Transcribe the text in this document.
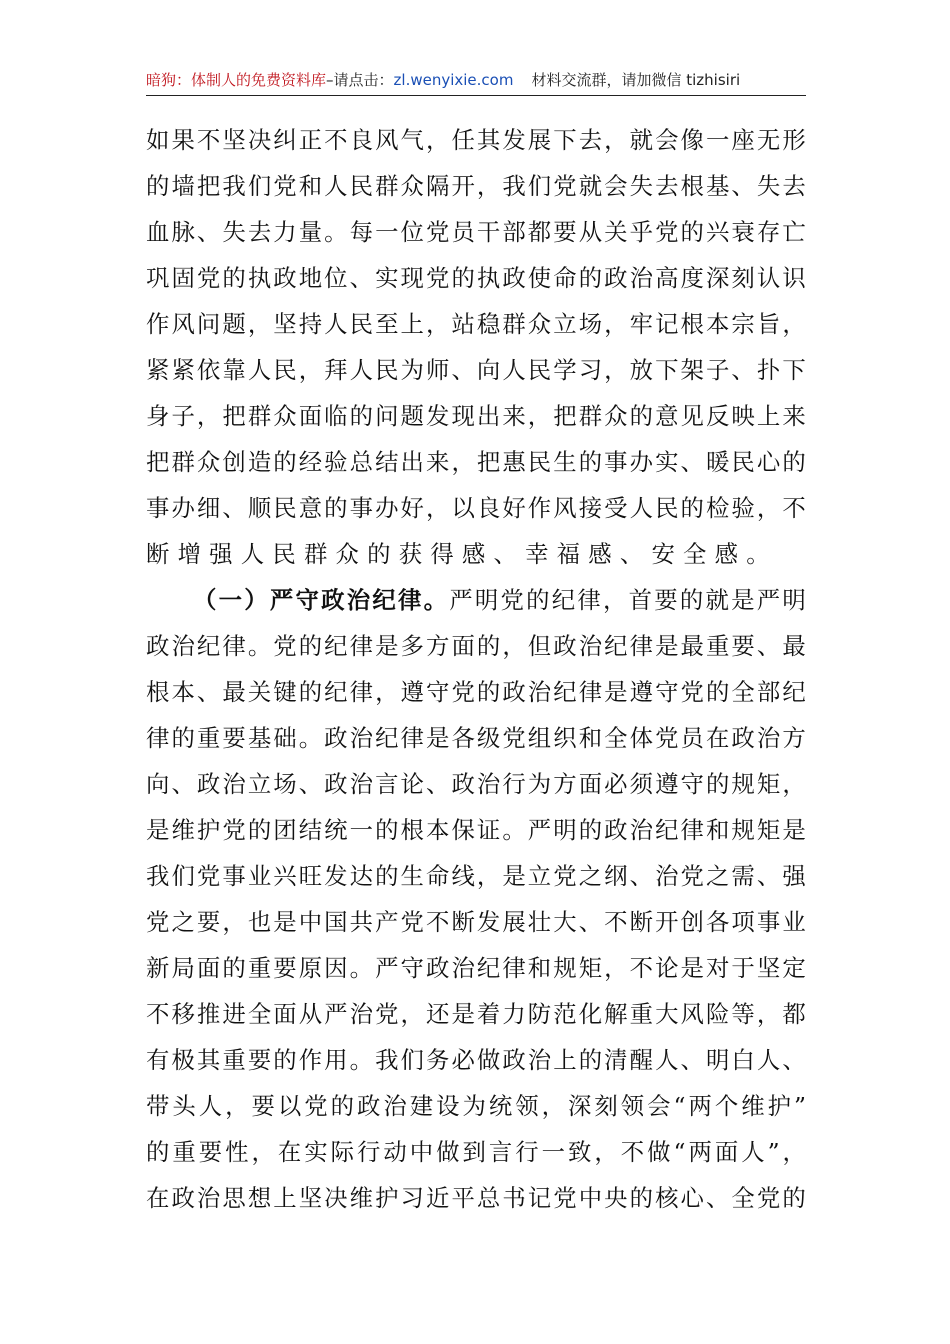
暗狗：体制人的免费资料库–请点击：zl.wenyixie.com 材料交流群，请加微信 tizhisiri
如 果 不 坚 决 纠 正 不 良 风 气 ， 任 其 发 展 下 去 ， 就 会 像 一 座 无 形
的 墙 把 我 们 党 和 人 民 群 众 隔 开 ， 我 们 党 就 会 失 去 根 基 、 失 去
血 脉 、 失 去 力 量 。 每 一 位 党 员 干 部 都 要 从 关 乎 党 的 兴 衰 存 亡
巩 固 党 的 执 政 地 位 、 实 现 党 的 执 政 使 命 的 政 治 高 度 深 刻 认 识
作 风 问 题 ， 坚 持 人 民 至 上 ， 站 稳 群 众 立 场 ， 牢 记 根 本 宗 旨 ，
紧 紧 依 靠 人 民 ， 拜 人 民 为 师 、 向 人 民 学 习 ， 放 下 架 子 、 扑 下
身 子 ， 把 群 众 面 临 的 问 题 发 现 出 来 ， 把 群 众 的 意 见 反 映 上 来
把 群 众 创 造 的 经 验 总 结 出 来 ， 把 惠 民 生 的 事 办 实 、 暖 民 心 的
事 办 细 、 顺 民 意 的 事 办 好 ， 以 良 好 作 风 接 受 人 民 的 检 验 ， 不
断增强人民群众的获得感、幸福感、安全感。
（ 一 ） 严 守 政 治 纪 律 。 严 明 党 的 纪 律 ， 首 要 的 就 是 严 明
政 治 纪 律 。 党 的 纪 律 是 多 方 面 的 ， 但 政 治 纪 律 是 最 重 要 、 最
根 本 、 最 关 键 的 纪 律 ， 遵 守 党 的 政 治 纪 律 是 遵 守 党 的 全 部 纪
律 的 重 要 基 础 。 政 治 纪 律 是 各 级 党 组 织 和 全 体 党 员 在 政 治 方
向 、 政 治 立 场 、 政 治 言 论 、 政 治 行 为 方 面 必 须 遵 守 的 规 矩 ，
是 维 护 党 的 团 结 统 一 的 根 本 保 证 。 严 明 的 政 治 纪 律 和 规 矩 是
我 们 党 事 业 兴 旺 发 达 的 生 命 线 ， 是 立 党 之 纲 、 治 党 之 需 、 强
党 之 要 ， 也 是 中 国 共 产 党 不 断 发 展 壮 大 、 不 断 开 创 各 项 事 业
新 局 面 的 重 要 原 因 。 严 守 政 治 纪 律 和 规 矩 ， 不 论 是 对 于 坚 定
不 移 推 进 全 面 从 严 治 党 ， 还 是 着 力 防 范 化 解 重 大 风 险 等 ， 都
有 极 其 重 要 的 作 用 。 我 们 务 必 做 政 治 上 的 清 醒 人 、 明 白 人 、
带 头 人 ， 要 以 党 的 政 治 建 设 为 统 领 ， 深 刻 领 会 “ 两 个 维 护 ”
的 重 要 性 ， 在 实 际 行 动 中 做 到 言 行 一 致 ， 不 做 “ 两 面 人 ” ，
在 政 治 思 想 上 坚 决 维 护 习 近 平 总 书 记 党 中 央 的 核 心 、 全 党 的
